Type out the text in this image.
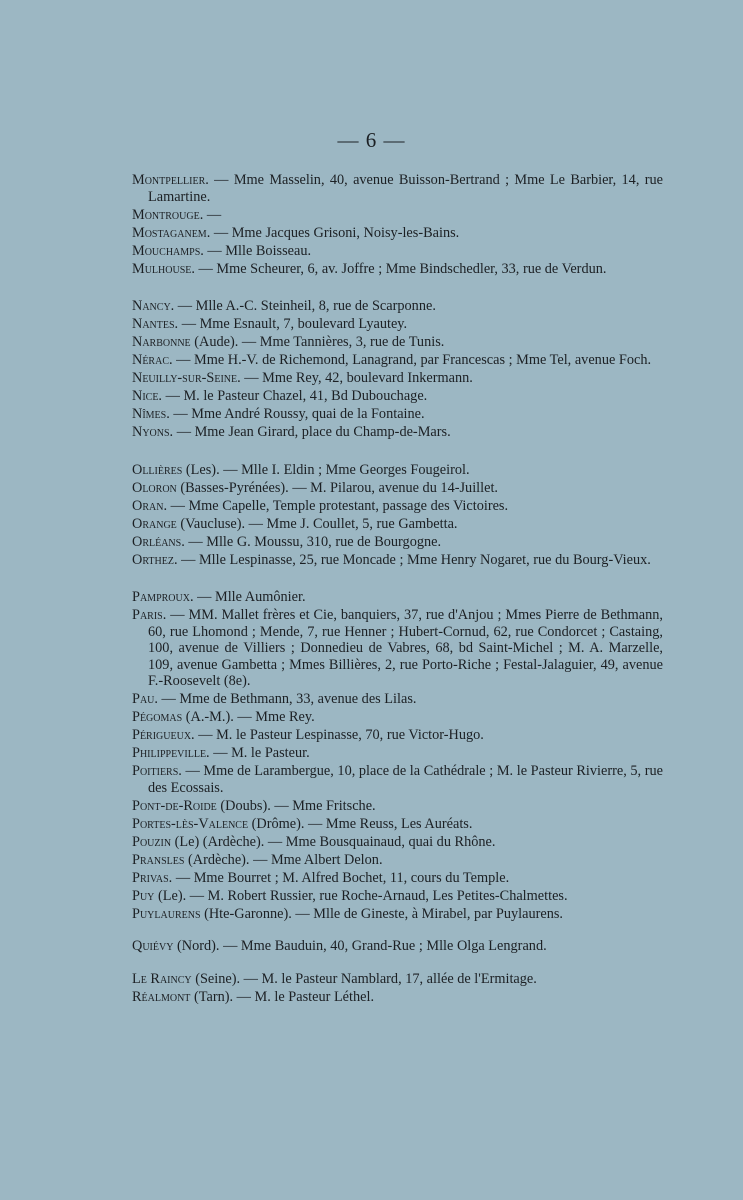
— 6 —

Montpellier. — Mme Masselin, 40, avenue Buisson-Bertrand ; Mme Le Barbier, 14, rue Lamartine.

Montrouge. —

Mostaganem. — Mme Jacques Grisoni, Noisy-les-Bains.

Mouchamps. — Mlle Boisseau.

Mulhouse. — Mme Scheurer, 6, av. Joffre ; Mme Bindschedler, 33, rue de Verdun.

Nancy. — Mlle A.-C. Steinheil, 8, rue de Scarponne.

Nantes. — Mme Esnault, 7, boulevard Lyautey.

Narbonne (Aude). — Mme Tannières, 3, rue de Tunis.

Nérac. — Mme H.-V. de Richemond, Lanagrand, par Francescas ; Mme Tel, avenue Foch.

Neuilly-sur-Seine. — Mme Rey, 42, boulevard Inkermann.

Nice. — M. le Pasteur Chazel, 41, Bd Dubouchage.

Nîmes. — Mme André Roussy, quai de la Fontaine.

Nyons. — Mme Jean Girard, place du Champ-de-Mars.

Ollières (Les). — Mlle I. Eldin ; Mme Georges Fougeirol.

Oloron (Basses-Pyrénées). — M. Pilarou, avenue du 14-Juillet.

Oran. — Mme Capelle, Temple protestant, passage des Victoires.

Orange (Vaucluse). — Mme J. Coullet, 5, rue Gambetta.

Orléans. — Mlle G. Moussu, 310, rue de Bourgogne.

Orthez. — Mlle Lespinasse, 25, rue Moncade ; Mme Henry Nogaret, rue du Bourg-Vieux.

Pamproux. — Mlle Aumônier.

Paris. — MM. Mallet frères et Cie, banquiers, 37, rue d'Anjou ; Mmes Pierre de Bethmann, 60, rue Lhomond ; Mende, 7, rue Henner ; Hubert-Cornud, 62, rue Condorcet ; Castaing, 100, avenue de Villiers ; Donnedieu de Vabres, 68, bd Saint-Michel ; M. A. Marzelle, 109, avenue Gambetta ; Mmes Billières, 2, rue Porto-Riche ; Festal-Jalaguier, 49, avenue F.-Roosevelt (8e).

Pau. — Mme de Bethmann, 33, avenue des Lilas.

Pégomas (A.-M.). — Mme Rey.

Périgueux. — M. le Pasteur Lespinasse, 70, rue Victor-Hugo.

Philippeville. — M. le Pasteur.

Poitiers. — Mme de Larambergue, 10, place de la Cathédrale ; M. le Pasteur Rivierre, 5, rue des Ecossais.

Pont-de-Roide (Doubs). — Mme Fritsche.

Portes-lès-Valence (Drôme). — Mme Reuss, Les Auréats.

Pouzin (Le) (Ardèche). — Mme Bousquainaud, quai du Rhône.

Pransles (Ardèche). — Mme Albert Delon.

Privas. — Mme Bourret ; M. Alfred Bochet, 11, cours du Temple.

Puy (Le). — M. Robert Russier, rue Roche-Arnaud, Les Petites-Chalmettes.

Puylaurens (Hte-Garonne). — Mlle de Gineste, à Mirabel, par Puylaurens.

Quiévy (Nord). — Mme Bauduin, 40, Grand-Rue ; Mlle Olga Lengrand.

Le Raincy (Seine). — M. le Pasteur Namblard, 17, allée de l'Ermitage.

Réalmont (Tarn). — M. le Pasteur Léthel.
